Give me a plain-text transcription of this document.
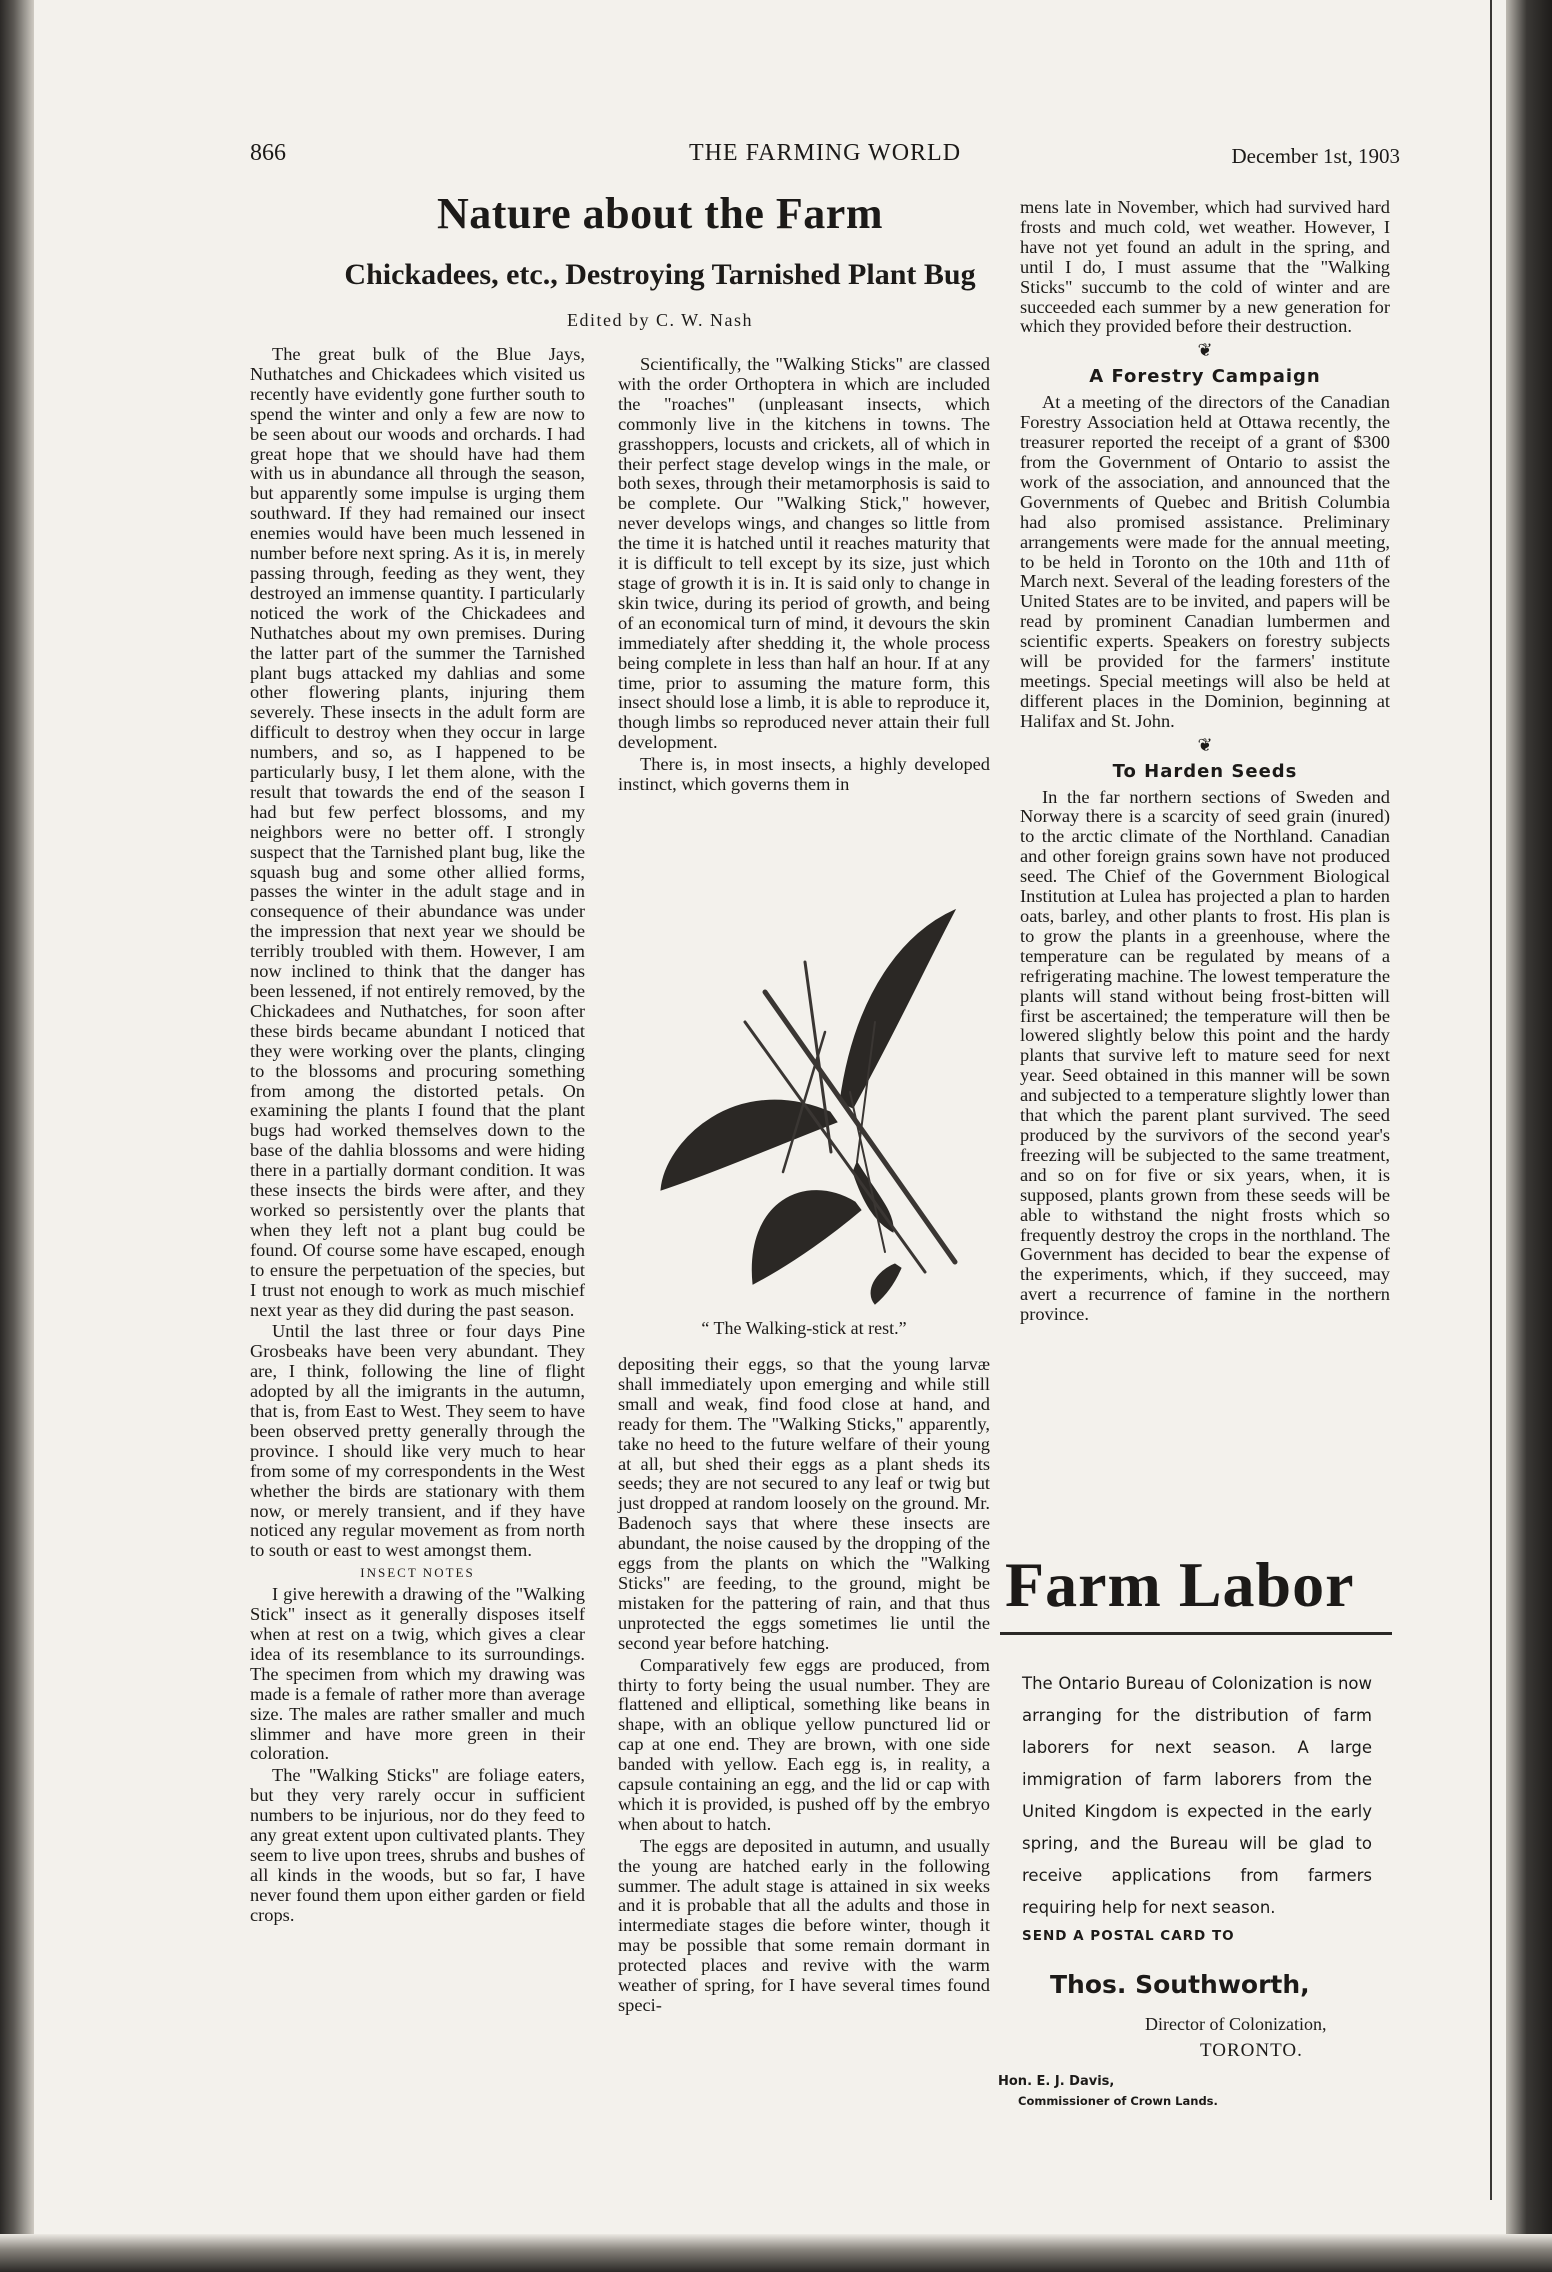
866	THE FARMING WORLD	December 1st, 1903
Nature about the Farm
Chickadees, etc., Destroying Tarnished Plant Bug
Edited by C. W. Nash

The great bulk of the Blue Jays, Nuthatches and Chickadees which visited us recently have evidently gone further south to spend the winter and only a few are now to be seen about our woods and orchards. I had great hope that we should have had them with us in abundance all through the season, but apparently some impulse is urging them southward. If they had remained our insect enemies would have been much lessened in number before next spring. As it is, in merely passing through, feeding as they went, they destroyed an immense quantity. I particularly noticed the work of the Chickadees and Nuthatches about my own premises. During the latter part of the summer the Tarnished plant bugs attacked my dahlias and some other flowering plants, injuring them severely. These insects in the adult form are difficult to destroy when they occur in large numbers, and so, as I happened to be particularly busy, I let them alone, with the result that towards the end of the season I had but few perfect blossoms, and my neighbors were no better off. I strongly suspect that the Tarnished plant bug, like the squash bug and some other allied forms, passes the winter in the adult stage and in consequence of their abundance was under the impression that next year we should be terribly troubled with them. However, I am now inclined to think that the danger has been lessened, if not entirely removed, by the Chickadees and Nuthatches, for soon after these birds became abundant I noticed that they were working over the plants, clinging to the blossoms and procuring something from among the distorted petals. On examining the plants I found that the plant bugs had worked themselves down to the base of the dahlia blossoms and were hiding there in a partially dormant condition. It was these insects the birds were after, and they worked so persistently over the plants that when they left not a plant bug could be found. Of course some have escaped, enough to ensure the perpetuation of the species, but I trust not enough to work as much mischief next year as they did during the past season.

Until the last three or four days Pine Grosbeaks have been very abundant. They are, I think, following the line of flight adopted by all the imigrants in the autumn, that is, from East to West. They seem to have been observed pretty generally through the province. I should like very much to hear from some of my correspondents in the West whether the birds are stationary with them now, or merely transient, and if they have noticed any regular movement as from north to south or east to west amongst them.

INSECT NOTES

I give herewith a drawing of the "Walking Stick" insect as it generally disposes itself when at rest on a twig, which gives a clear idea of its resemblance to its surroundings. The specimen from which my drawing was made is a female of rather more than average size. The males are rather smaller and much slimmer and have more green in their coloration.

The "Walking Sticks" are foliage eaters, but they very rarely occur in sufficient numbers to be injurious, nor do they feed to any great extent upon cultivated plants. They seem to live upon trees, shrubs and bushes of all kinds in the woods, but so far, I have never found them upon either garden or field crops.

Scientifically, the "Walking Sticks" are classed with the order Orthoptera in which are included the "roaches" (unpleasant insects, which commonly live in the kitchens in towns. The grasshoppers, locusts and crickets, all of which in their perfect stage develop wings in the male, or both sexes, through their metamorphosis is said to be complete. Our "Walking Stick," however, never develops wings, and changes so little from the time it is hatched until it reaches maturity that it is difficult to tell except by its size, just which stage of growth it is in. It is said only to change in skin twice, during its period of growth, and being of an economical turn of mind, it devours the skin immediately after shedding it, the whole process being complete in less than half an hour. If at any time, prior to assuming the mature form, this insect should lose a limb, it is able to reproduce it, though limbs so reproduced never attain their full development.

There is, in most insects, a highly developed instinct, which governs them in

“ The Walking-stick at rest.”

depositing their eggs, so that the young larvæ shall immediately upon emerging and while still small and weak, find food close at hand, and ready for them. The "Walking Sticks," apparently, take no heed to the future welfare of their young at all, but shed their eggs as a plant sheds its seeds; they are not secured to any leaf or twig but just dropped at random loosely on the ground. Mr. Badenoch says that where these insects are abundant, the noise caused by the dropping of the eggs from the plants on which the "Walking Sticks" are feeding, to the ground, might be mistaken for the pattering of rain, and that thus unprotected the eggs sometimes lie until the second year before hatching.

Comparatively few eggs are produced, from thirty to forty being the usual number. They are flattened and elliptical, something like beans in shape, with an oblique yellow punctured lid or cap at one end. They are brown, with one side banded with yellow. Each egg is, in reality, a capsule containing an egg, and the lid or cap with which it is provided, is pushed off by the embryo when about to hatch.

The eggs are deposited in autumn, and usually the young are hatched early in the following summer. The adult stage is attained in six weeks and it is probable that all the adults and those in intermediate stages die before winter, though it may be possible that some remain dormant in protected places and revive with the warm weather of spring, for I have several times found speci-

mens late in November, which had survived hard frosts and much cold, wet weather. However, I have not yet found an adult in the spring, and until I do, I must assume that the "Walking Sticks" succumb to the cold of winter and are succeeded each summer by a new generation for which they provided before their destruction.

❦
A Forestry Campaign

At a meeting of the directors of the Canadian Forestry Association held at Ottawa recently, the treasurer reported the receipt of a grant of $300 from the Government of Ontario to assist the work of the association, and announced that the Governments of Quebec and British Columbia had also promised assistance. Preliminary arrangements were made for the annual meeting, to be held in Toronto on the 10th and 11th of March next. Several of the leading foresters of the United States are to be invited, and papers will be read by prominent Canadian lumbermen and scientific experts. Speakers on forestry subjects will be provided for the farmers' institute meetings. Special meetings will also be held at different places in the Dominion, beginning at Halifax and St. John.

❦
To Harden Seeds

In the far northern sections of Sweden and Norway there is a scarcity of seed grain (inured) to the arctic climate of the Northland. Canadian and other foreign grains sown have not produced seed. The Chief of the Government Biological Institution at Lulea has projected a plan to harden oats, barley, and other plants to frost. His plan is to grow the plants in a greenhouse, where the temperature can be regulated by means of a refrigerating machine. The lowest temperature the plants will stand without being frost-bitten will first be ascertained; the temperature will then be lowered slightly below this point and the hardy plants that survive left to mature seed for next year. Seed obtained in this manner will be sown and subjected to a temperature slightly lower than that which the parent plant survived. The seed produced by the survivors of the second year's freezing will be subjected to the same treatment, and so on for five or six years, when, it is supposed, plants grown from these seeds will be able to withstand the night frosts which so frequently destroy the crops in the northland. The Government has decided to bear the expense of the experiments, which, if they succeed, may avert a recurrence of famine in the northern province.

Farm Labor
The Ontario Bureau of Colonization is now arranging for the distribution of farm laborers for next season. A large immigration of farm laborers from the United Kingdom is expected in the early spring, and the Bureau will be glad to receive applications from farmers requiring help for next season.
SEND A POSTAL CARD TO
Thos. Southworth,
Director of Colonization,
TORONTO.
Hon. E. J. Davis,
Commissioner of Crown Lands.
